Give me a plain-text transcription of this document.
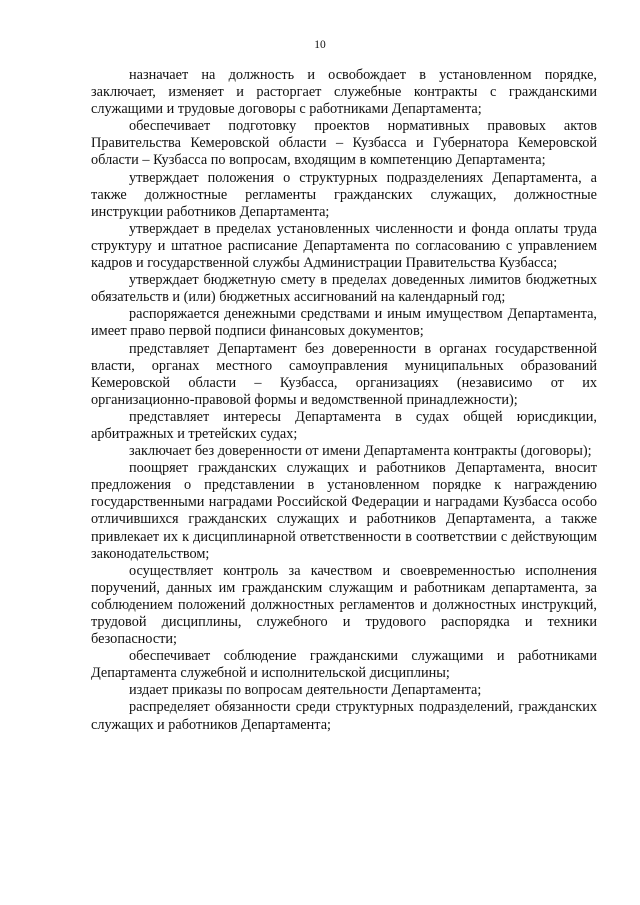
10

назначает на должность и освобождает в установленном порядке, заключает, изменяет и расторгает служебные контракты с гражданскими служащими и трудовые договоры с работниками Департамента;

обеспечивает подготовку проектов нормативных правовых актов Правительства Кемеровской области – Кузбасса и Губернатора Кемеровской области – Кузбасса по вопросам, входящим в компетенцию Департамента;

утверждает положения о структурных подразделениях Департамента, а также должностные регламенты гражданских служащих, должностные инструкции работников Департамента;

утверждает в пределах установленных численности и фонда оплаты труда структуру и штатное расписание Департамента по согласованию с управлением кадров и государственной службы Администрации Правительства Кузбасса;

утверждает бюджетную смету в пределах доведенных лимитов бюджетных обязательств и (или) бюджетных ассигнований на календарный год;

распоряжается денежными средствами и иным имуществом Департамента, имеет право первой подписи финансовых документов;

представляет Департамент без доверенности в органах государственной власти, органах местного самоуправления муниципальных образований Кемеровской области – Кузбасса, организациях (независимо от их организационно-правовой формы и ведомственной принадлежности);

представляет интересы Департамента в судах общей юрисдикции, арбитражных и третейских судах;

заключает без доверенности от имени Департамента контракты (договоры);

поощряет гражданских служащих и работников Департамента, вносит предложения о представлении в установленном порядке к награждению государственными наградами Российской Федерации и наградами Кузбасса особо отличившихся гражданских служащих и работников Департамента, а также привлекает их к дисциплинарной ответственности в соответствии с действующим законодательством;

осуществляет контроль за качеством и своевременностью исполнения поручений, данных им гражданским служащим и работникам департамента, за соблюдением положений должностных регламентов и должностных инструкций, трудовой дисциплины, служебного и трудового распорядка и техники безопасности;

обеспечивает соблюдение гражданскими служащими и работниками Департамента служебной и исполнительской дисциплины;

издает приказы по вопросам деятельности Департамента;

распределяет обязанности среди структурных подразделений, гражданских служащих и работников Департамента;
